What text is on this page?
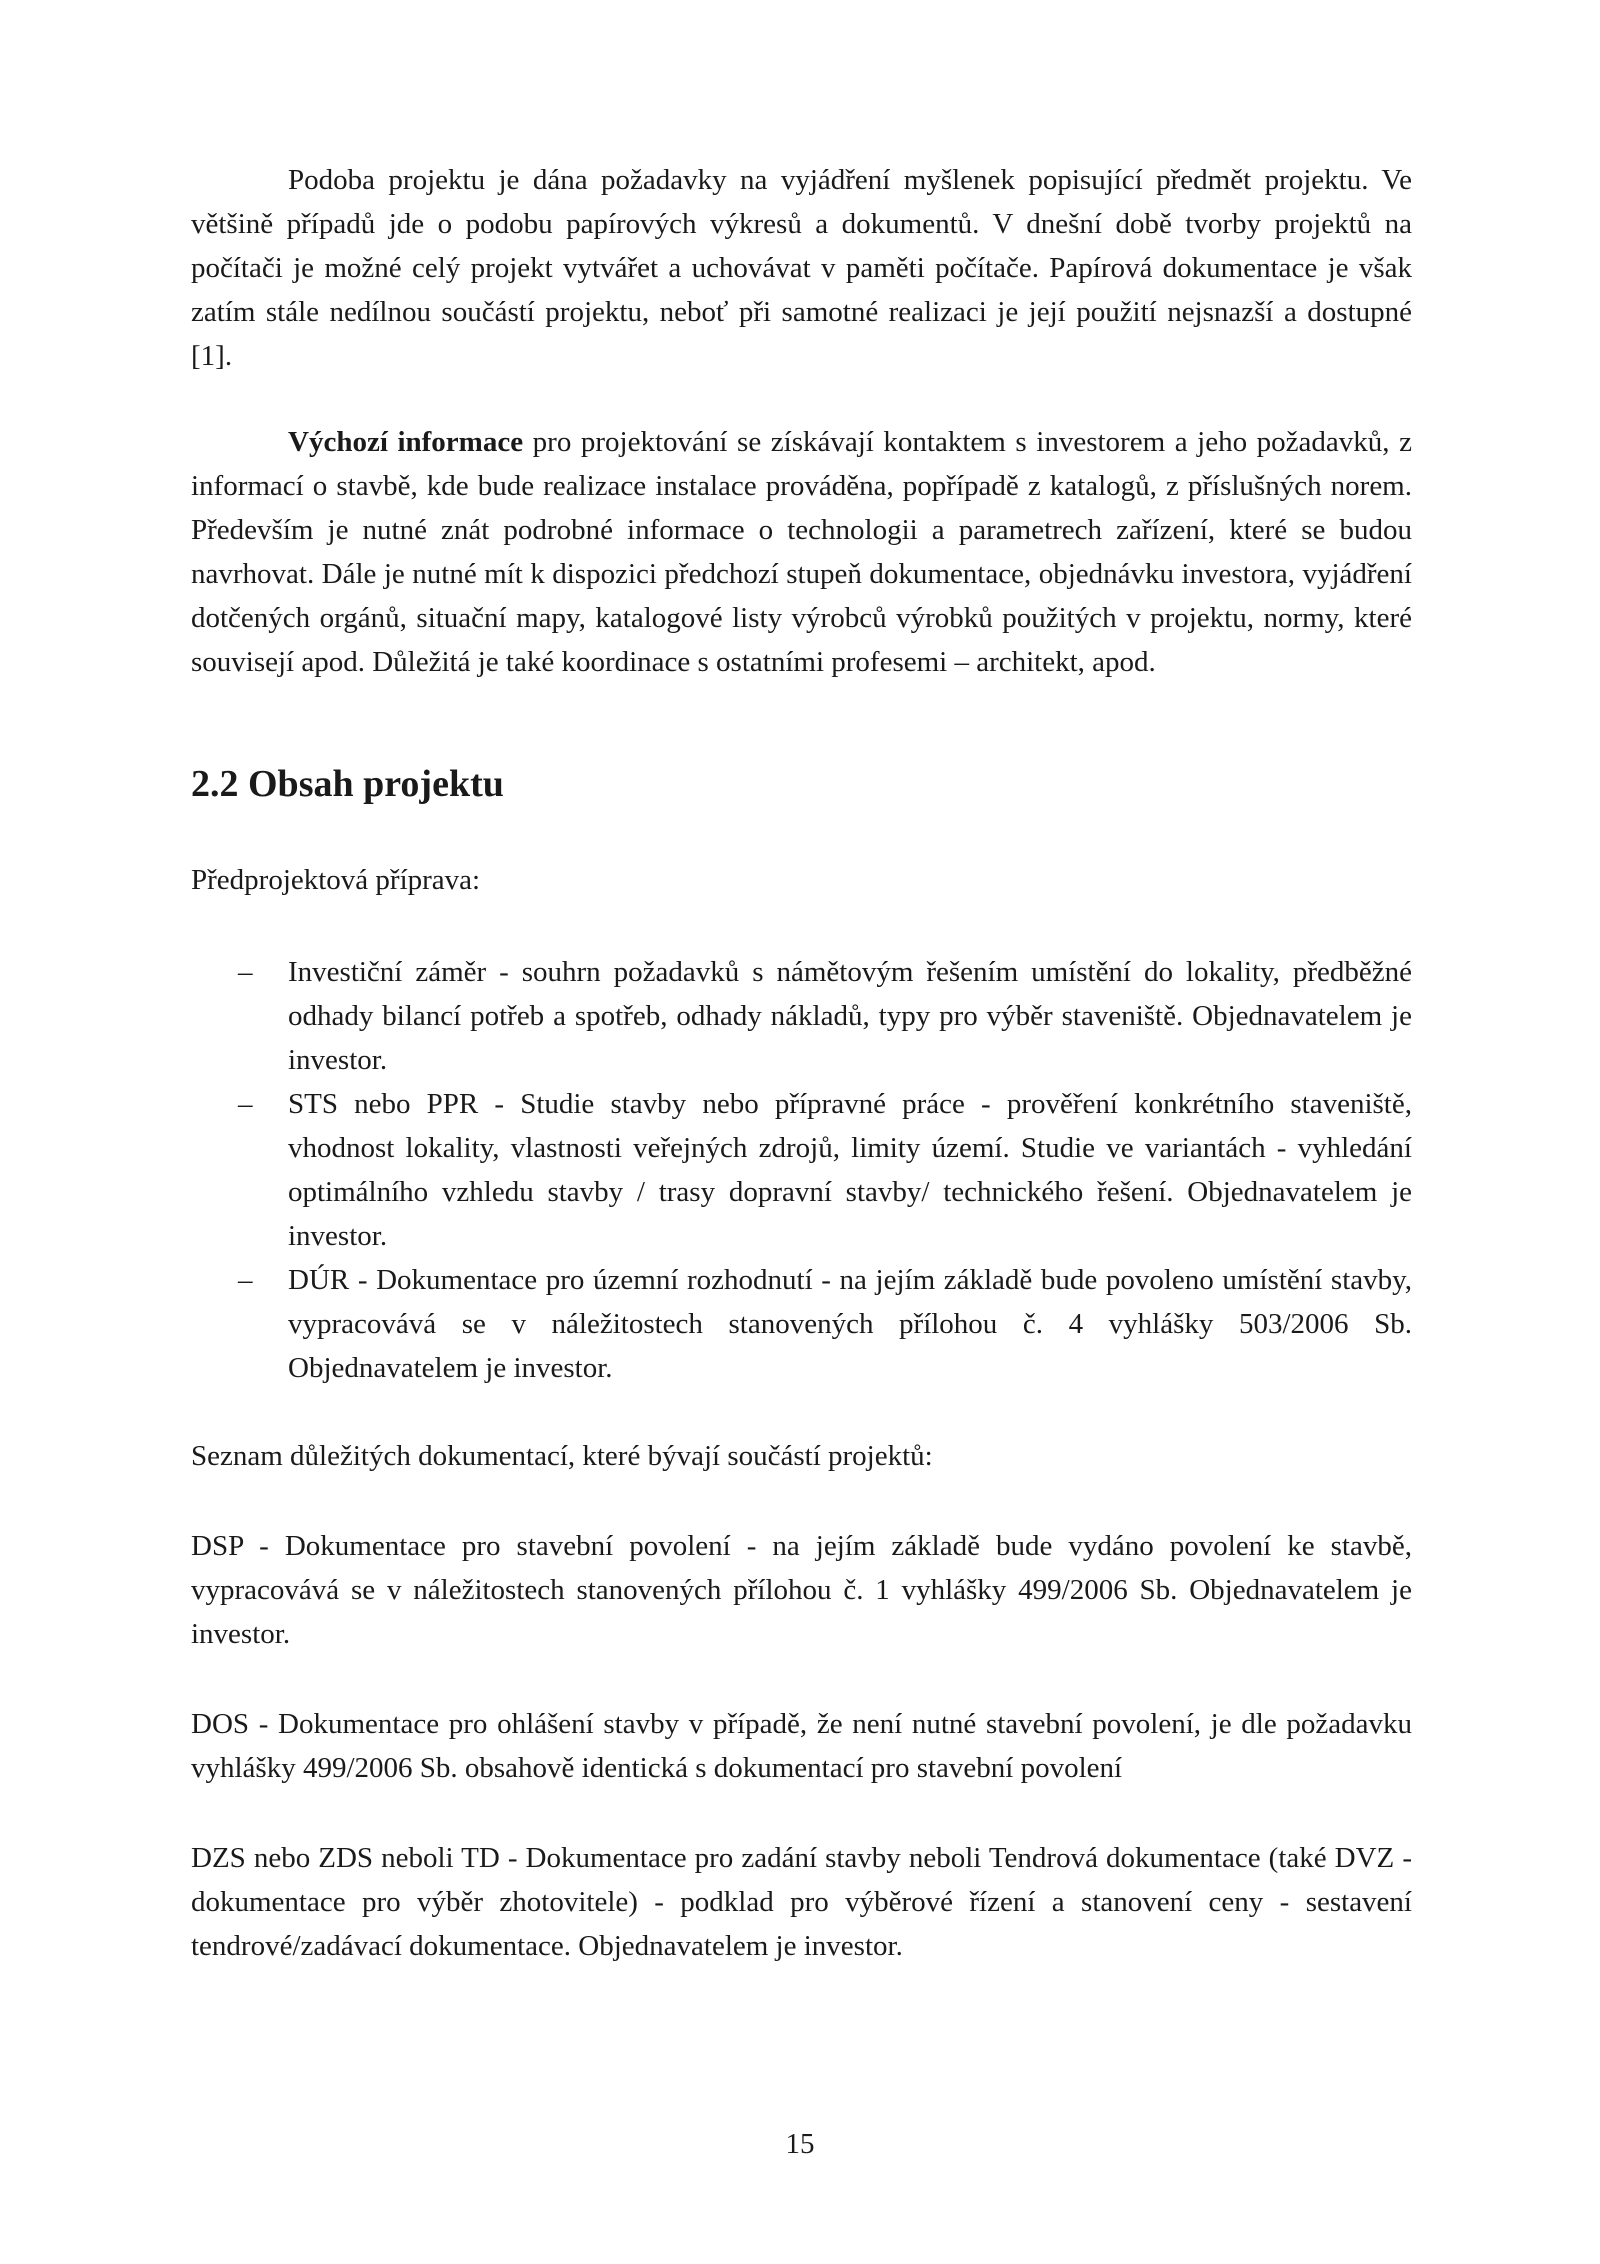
Podoba projektu je dána požadavky na vyjádření myšlenek popisující předmět projektu. Ve většině případů jde o podobu papírových výkresů a dokumentů. V dnešní době tvorby projektů na počítači je možné celý projekt vytvářet a uchovávat v paměti počítače. Papírová dokumentace je však zatím stále nedílnou součástí projektu, neboť při samotné realizaci je její použití nejsnazší a dostupné [1].

Výchozí informace pro projektování se získávají kontaktem s investorem a jeho požadavků, z informací o stavbě, kde bude realizace instalace prováděna, popřípadě z katalogů, z příslušných norem. Především je nutné znát podrobné informace o technologii a parametrech zařízení, které se budou navrhovat. Dále je nutné mít k dispozici předchozí stupeň dokumentace, objednávku investora, vyjádření dotčených orgánů, situační mapy, katalogové listy výrobců výrobků použitých v projektu, normy, které souvisejí apod. Důležitá je také koordinace s ostatními profesemi – architekt, apod.

2.2 Obsah projektu

Předprojektová příprava:

– Investiční záměr - souhrn požadavků s námětovým řešením umístění do lokality, předběžné odhady bilancí potřeb a spotřeb, odhady nákladů, typy pro výběr staveniště. Objednavatelem je investor.
– STS nebo PPR - Studie stavby nebo přípravné práce - prověření konkrétního staveniště, vhodnost lokality, vlastnosti veřejných zdrojů, limity území. Studie ve variantách - vyhledání optimálního vzhledu stavby / trasy dopravní stavby/ technického řešení. Objednavatelem je investor.
– DÚR - Dokumentace pro územní rozhodnutí - na jejím základě bude povoleno umístění stavby, vypracovává se v náležitostech stanovených přílohou č. 4 vyhlášky 503/2006 Sb. Objednavatelem je investor.

Seznam důležitých dokumentací, které bývají součástí projektů:

DSP - Dokumentace pro stavební povolení - na jejím základě bude vydáno povolení ke stavbě, vypracovává se v náležitostech stanovených přílohou č. 1 vyhlášky 499/2006 Sb. Objednavatelem je investor.

DOS - Dokumentace pro ohlášení stavby v případě, že není nutné stavební povolení, je dle požadavku vyhlášky 499/2006 Sb. obsahově identická s dokumentací pro stavební povolení

DZS nebo ZDS neboli TD - Dokumentace pro zadání stavby neboli Tendrová dokumentace (také DVZ - dokumentace pro výběr zhotovitele) - podklad pro výběrové řízení a stanovení ceny - sestavení tendrové/zadávací dokumentace. Objednavatelem je investor.

15
